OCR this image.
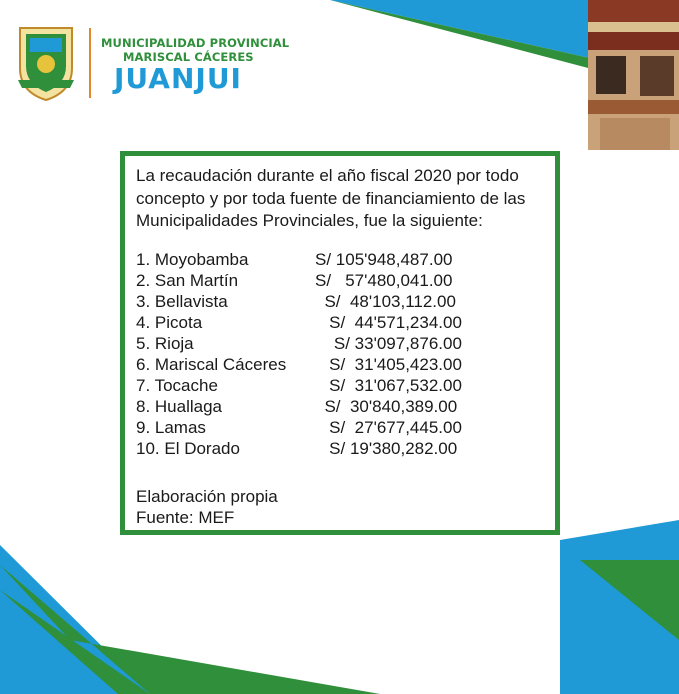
MUNICIPALIDAD PROVINCIAL
MARISCAL CÁCERES
JUANJUI
La recaudación durante el año fiscal 2020 por todo concepto y por toda fuente de financiamiento de las Municipalidades Provinciales, fue la siguiente:
1. Moyobamba	S/ 105'948,487.00
2. San Martín	S/   57'480,041.00
3. Bellavista	S/  48'103,112.00
4. Picota	S/  44'571,234.00
5. Rioja	S/ 33'097,876.00
6. Mariscal Cáceres S/  31'405,423.00
7. Tocache	S/  31'067,532.00
8. Huallaga	S/  30'840,389.00
9. Lamas	S/  27'677,445.00
10. El Dorado	S/ 19'380,282.00
Elaboración propia
Fuente: MEF
